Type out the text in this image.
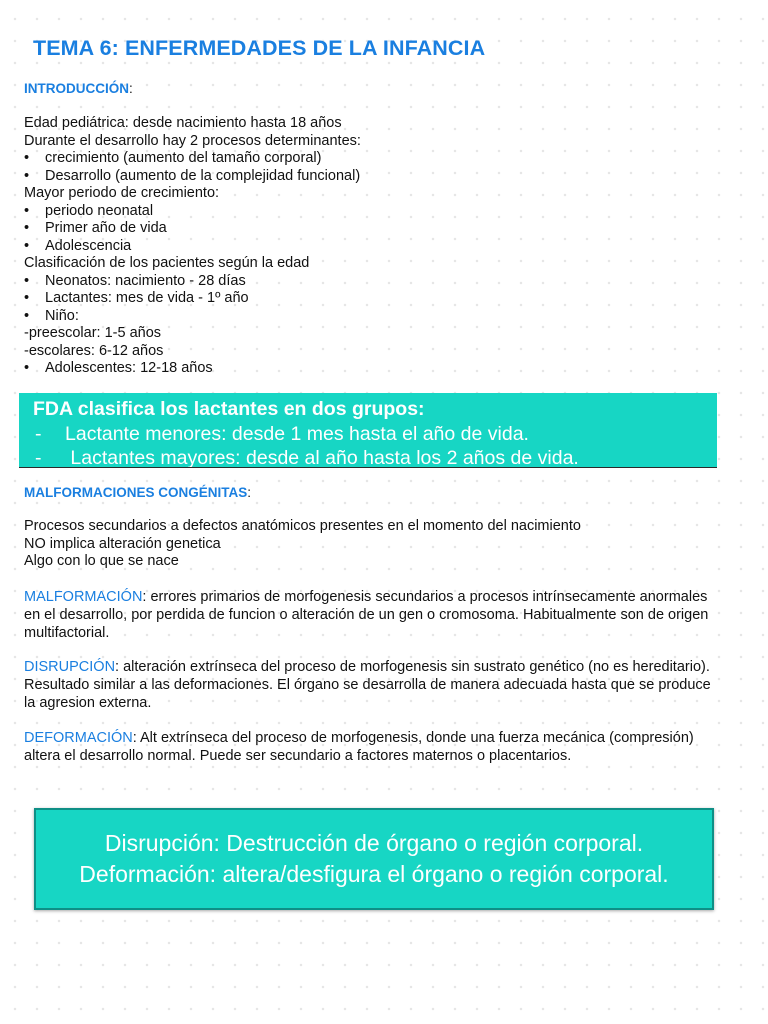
TEMA 6: ENFERMEDADES DE LA INFANCIA
INTRODUCCIÓN:
Edad pediátrica: desde nacimiento hasta 18 años
Durante el desarrollo hay 2 procesos determinantes:
• crecimiento (aumento del tamaño corporal)
• Desarrollo (aumento de la complejidad funcional)
Mayor periodo de crecimiento:
• periodo neonatal
• Primer año de vida
• Adolescencia
Clasificación de los pacientes según la edad
• Neonatos: nacimiento - 28 días
• Lactantes: mes de vida - 1º año
• Niño:
-preescolar: 1-5 años
-escolares: 6-12 años
• Adolescentes: 12-18 años
FDA clasifica los lactantes en dos grupos:
- Lactante menores: desde 1 mes hasta el año de vida.
- Lactantes mayores: desde al año hasta los 2 años de vida.
MALFORMACIONES CONGÉNITAS:
Procesos secundarios a defectos anatómicos presentes en el momento del nacimiento
NO implica alteración genetica
Algo con lo que se nace
MALFORMACIÓN: errores primarios de morfogenesis secundarios a procesos intrínsecamente anormales en el desarrollo, por perdida de funcion o alteración de un gen o cromosoma. Habitualmente son de origen multifactorial.
DISRUPCIÓN: alteración extrínseca del proceso de morfogenesis sin sustrato genético (no es hereditario). Resultado similar a las deformaciones. El órgano se desarrolla de manera adecuada hasta que se produce la agresion externa.
DEFORMACIÓN: Alt extrínseca del proceso de morfogenesis, donde una fuerza mecánica (compresión) altera el desarrollo normal. Puede ser secundario a factores maternos o placentarios.
Disrupción: Destrucción de órgano o región corporal.
Deformación: altera/desfigura el órgano o región corporal.
